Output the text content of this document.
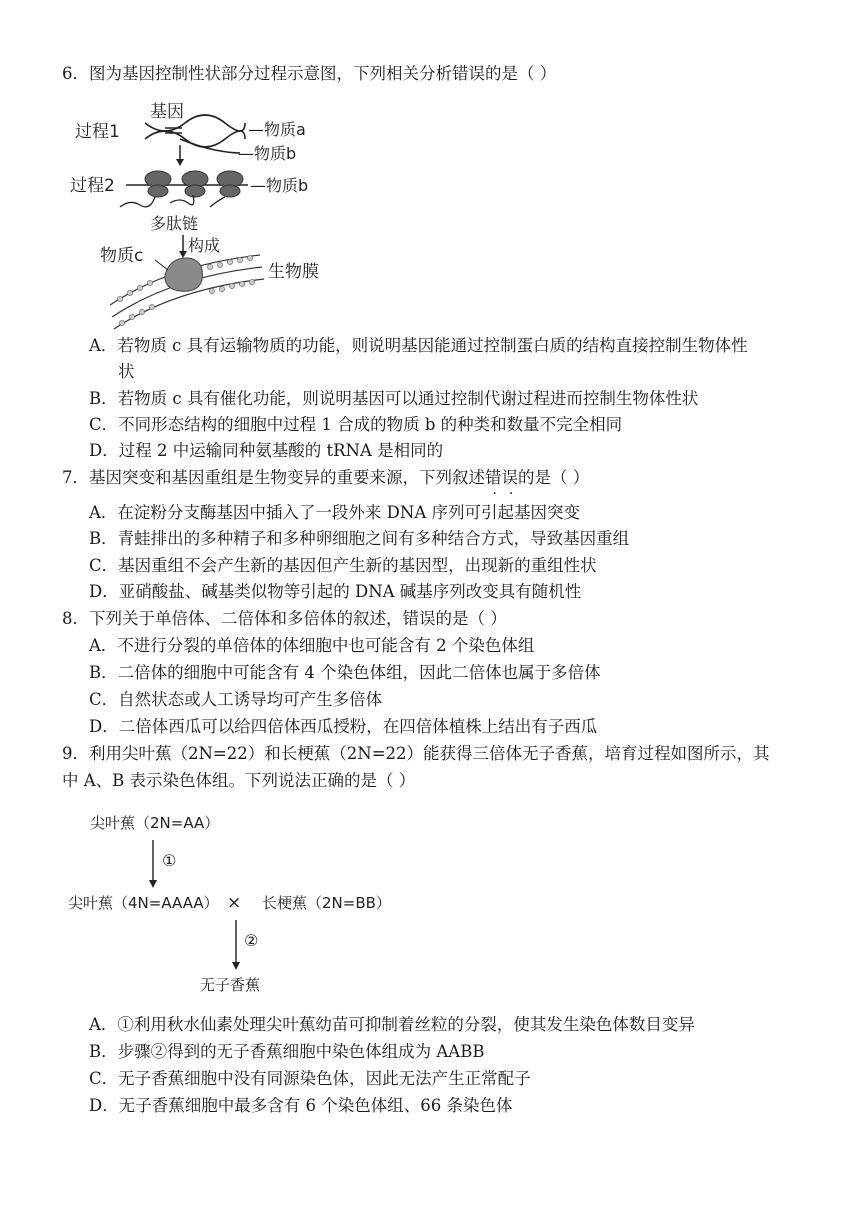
6．图为基因控制性状部分过程示意图，下列相关分析错误的是（ ）
基因
过程1	—物质a
—物质b
过程2	—物质b
多肽链
构成
物质c
生物膜
A．若物质 c 具有运输物质的功能，则说明基因能通过控制蛋白质的结构直接控制生物体性
状
B．若物质 c 具有催化功能，则说明基因可以通过控制代谢过程进而控制生物体性状
C．不同形态结构的细胞中过程 1 合成的物质 b 的种类和数量不完全相同
D．过程 2 中运输同种氨基酸的 tRNA 是相同的
7．基因突变和基因重组是生物变异的重要来源，下列叙述错误的是（ ）
A．在淀粉分支酶基因中插入了一段外来 DNA 序列可引起基因突变
B．青蛙排出的多种精子和多种卵细胞之间有多种结合方式，导致基因重组
C．基因重组不会产生新的基因但产生新的基因型，出现新的重组性状
D．亚硝酸盐、碱基类似物等引起的 DNA 碱基序列改变具有随机性
8．下列关于单倍体、二倍体和多倍体的叙述，错误的是（ ）
A．不进行分裂的单倍体的体细胞中也可能含有 2 个染色体组
B．二倍体的细胞中可能含有 4 个染色体组，因此二倍体也属于多倍体
C．自然状态或人工诱导均可产生多倍体
D．二倍体西瓜可以给四倍体西瓜授粉，在四倍体植株上结出有子西瓜
9．利用尖叶蕉（2N=22）和长梗蕉（2N=22）能获得三倍体无子香蕉，培育过程如图所示，其
中 A、B 表示染色体组。下列说法正确的是（ ）
尖叶蕉（2N=AA）
①
尖叶蕉（4N=AAAA） × 长梗蕉（2N=BB）
②
无子香蕉
A．①利用秋水仙素处理尖叶蕉幼苗可抑制着丝粒的分裂，使其发生染色体数目变异
B．步骤②得到的无子香蕉细胞中染色体组成为 AABB
C．无子香蕉细胞中没有同源染色体，因此无法产生正常配子
D．无子香蕉细胞中最多含有 6 个染色体组、66 条染色体
